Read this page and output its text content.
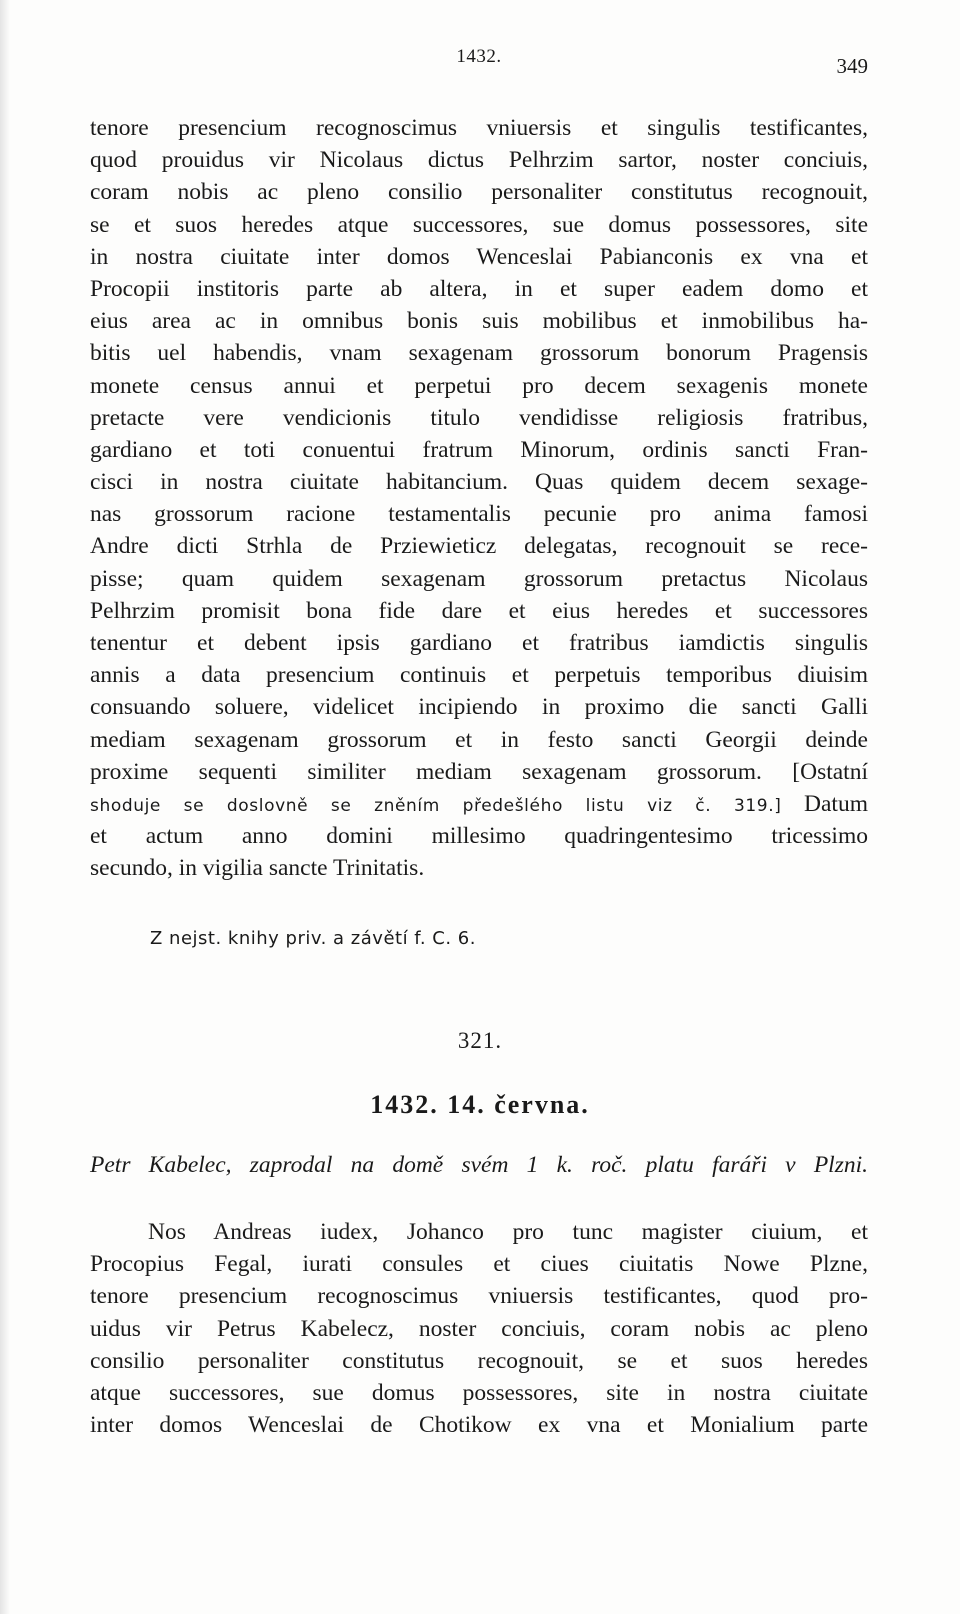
1432.	349
tenore presencium recognoscimus vniuersis et singulis testificantes,
quod prouidus vir Nicolaus dictus Pelhrzim sartor, noster conciuis,
coram nobis ac pleno consilio personaliter constitutus recognouit,
se et suos heredes atque successores, sue domus possessores, site
in nostra ciuitate inter domos Wenceslai Pabianconis ex vna et
Procopii institoris parte ab altera, in et super eadem domo et
eius area ac in omnibus bonis suis mobilibus et inmobilibus ha-
bitis uel habendis, vnam sexagenam grossorum bonorum Pragensis
monete census annui et perpetui pro decem sexagenis monete
pretacte vere vendicionis titulo vendidisse religiosis fratribus,
gardiano et toti conuentui fratrum Minorum, ordinis sancti Fran-
cisci in nostra ciuitate habitancium. Quas quidem decem sexage-
nas grossorum racione testamentalis pecunie pro anima famosi
Andre dicti Strhla de Prziewieticz delegatas, recognouit se rece-
pisse; quam quidem sexagenam grossorum pretactus Nicolaus
Pelhrzim promisit bona fide dare et eius heredes et successores
tenentur et debent ipsis gardiano et fratribus iamdictis singulis
annis a data presencium continuis et perpetuis temporibus diuisim
consuando soluere, videlicet incipiendo in proximo die sancti Galli
mediam sexagenam grossorum et in festo sancti Georgii deinde
proxime sequenti similiter mediam sexagenam grossorum. [Ostatní
shoduje se doslovně se zněním předešlého listu viz č. 319.] Datum
et actum anno domini millesimo quadringentesimo tricessimo
secundo, in vigilia sancte Trinitatis.
Z nejst. knihy priv. a závětí f. C. 6.
321.
1432. 14. června.
Petr Kabelec, zaprodal na domě svém 1 k. roč. platu faráři v Plzni.
Nos Andreas iudex, Johanco pro tunc magister ciuium, et
Procopius Fegal, iurati consules et ciues ciuitatis Nowe Plzne,
tenore presencium recognoscimus vniuersis testificantes, quod pro-
uidus vir Petrus Kabelecz, noster conciuis, coram nobis ac pleno
consilio personaliter constitutus recognouit, se et suos heredes
atque successores, sue domus possessores, site in nostra ciuitate
inter domos Wenceslai de Chotikow ex vna et Monialium parte
